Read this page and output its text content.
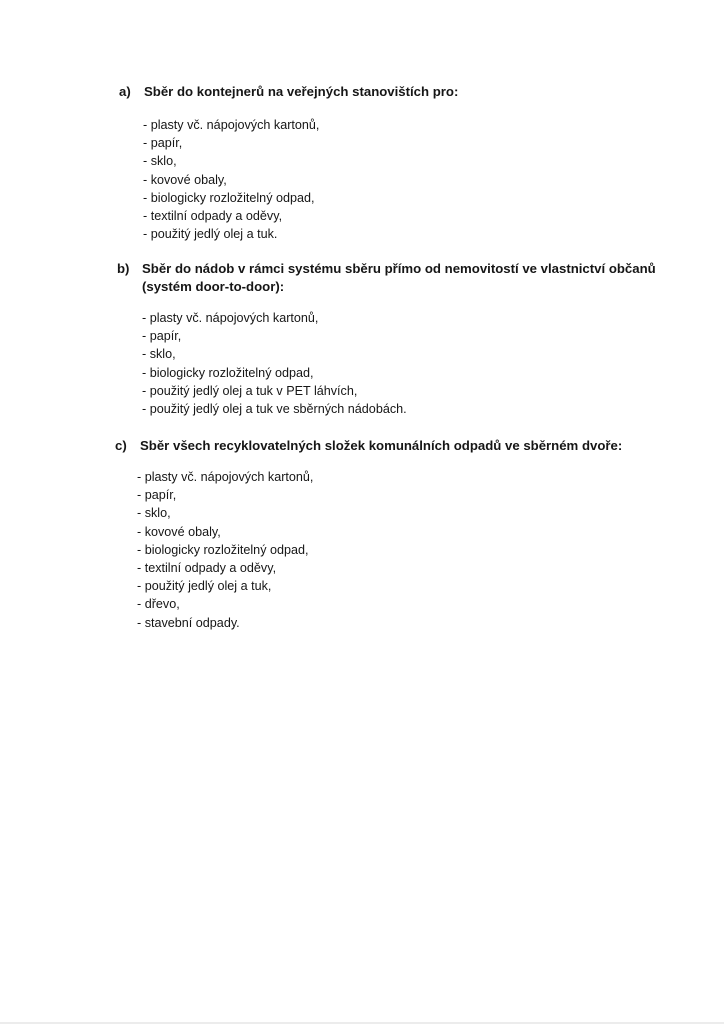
a)	Sběr do kontejnerů na veřejných stanovištích pro:
- plasty vč. nápojových kartonů,
- papír,
- sklo,
- kovové obaly,
- biologicky rozložitelný odpad,
- textilní odpady a oděvy,
- použitý jedlý olej a tuk.
b) Sběr do nádob v rámci systému sběru přímo od nemovitostí ve vlastnictví občanů
(systém door-to-door):
- plasty vč. nápojových kartonů,
- papír,
- sklo,
- biologicky rozložitelný odpad,
- použitý jedlý olej a tuk v PET láhvích,
- použitý jedlý olej a tuk ve sběrných nádobách.
c)	Sběr všech recyklovatelných složek komunálních odpadů ve sběrném dvoře:
- plasty vč. nápojových kartonů,
- papír,
- sklo,
- kovové obaly,
- biologicky rozložitelný odpad,
- textilní odpady a oděvy,
- použitý jedlý olej a tuk,
- dřevo,
- stavební odpady.
